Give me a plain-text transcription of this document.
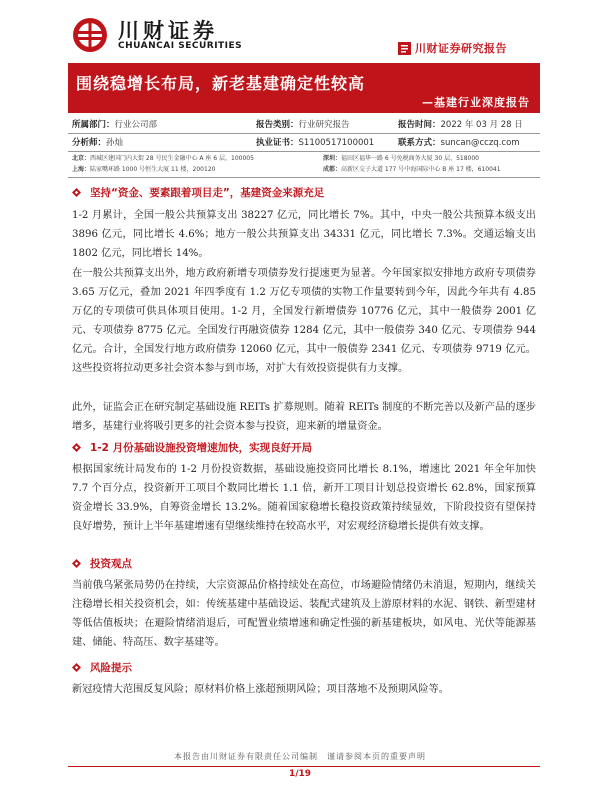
川财证券
CHUANCAI SECURITIES	川财证券研究报告
围绕稳增长布局，新老基建确定性较高
—基建行业深度报告
所属部门：行业公司部	报告类别：行业研究报告	报告时间：2022 年 03 月 28 日
分析师：孙灿	执业证书：S1100517100001	联系方式：suncan@cczq.com
北京：西城区建国门内大街 28 号民生金融中心 A 座 6 层，100005	深圳：福田区福华一路 6 号免税商务大厦 30 层，518000
上海：陆家嘴环路 1000 号恒生大厦 11 楼，200120	成都：高新区交子大道 177 号中海国际中心 B 座 17 楼，610041
坚持“资金、要素跟着项目走”，基建资金来源充足

1-2 月累计，全国一般公共预算支出 38227 亿元，同比增长 7%。其中，中央一般公共预算本级支出 3896 亿元，同比增长 4.6%；地方一般公共预算支出 34331 亿元，同比增长 7.3%。交通运输支出 1802 亿元，同比增长 14%。

在一般公共预算支出外，地方政府新增专项债券发行提速更为显著。今年国家拟安排地方政府专项债券 3.65 万亿元，叠加 2021 年四季度有 1.2 万亿专项债的实物工作量要转到今年，因此今年共有 4.85 万亿的专项债可供具体项目使用。1-2 月，全国发行新增债券 10776 亿元，其中一般债券 2001 亿元、专项债券 8775 亿元。全国发行再融资债券 1284 亿元，其中一般债券 340 亿元、专项债券 944 亿元。合计，全国发行地方政府债券 12060 亿元，其中一般债券 2341 亿元、专项债券 9719 亿元。这些投资将拉动更多社会资本参与到市场，对扩大有效投资提供有力支撑。

此外，证监会正在研究制定基础设施 REITs 扩募规则。随着 REITs 制度的不断完善以及新产品的逐步增多，基建行业将吸引更多的社会资本参与投资，迎来新的增量资金。

1-2 月份基础设施投资增速加快，实现良好开局

根据国家统计局发布的 1-2 月份投资数据，基础设施投资同比增长 8.1%，增速比 2021 年全年加快 7.7 个百分点，投资新开工项目个数同比增长 1.1 倍，新开工项目计划总投资增长 62.8%，国家预算资金增长 33.9%，自筹资金增长 13.2%。随着国家稳增长稳投资政策持续显效，下阶段投资有望保持良好增势，预计上半年基建增速有望继续维持在较高水平，对宏观经济稳增长提供有效支撑。

投资观点

当前俄乌紧张局势仍在持续，大宗资源品价格持续处在高位，市场避险情绪仍未消退，短期内，继续关注稳增长相关投资机会，如：传统基建中基础设运、装配式建筑及上游原材料的水泥、钢铁、新型建材等低估值板块；在避险情绪消退后，可配置业绩增速和确定性强的新基建板块，如风电、光伏等能源基建、储能、特高压、数字基建等。

风险提示

新冠疫情大范围反复风险；原材料价格上涨超预期风险；项目落地不及预期风险等。

本报告由川财证券有限责任公司编制　谨请参阅本页的重要声明
1/19
